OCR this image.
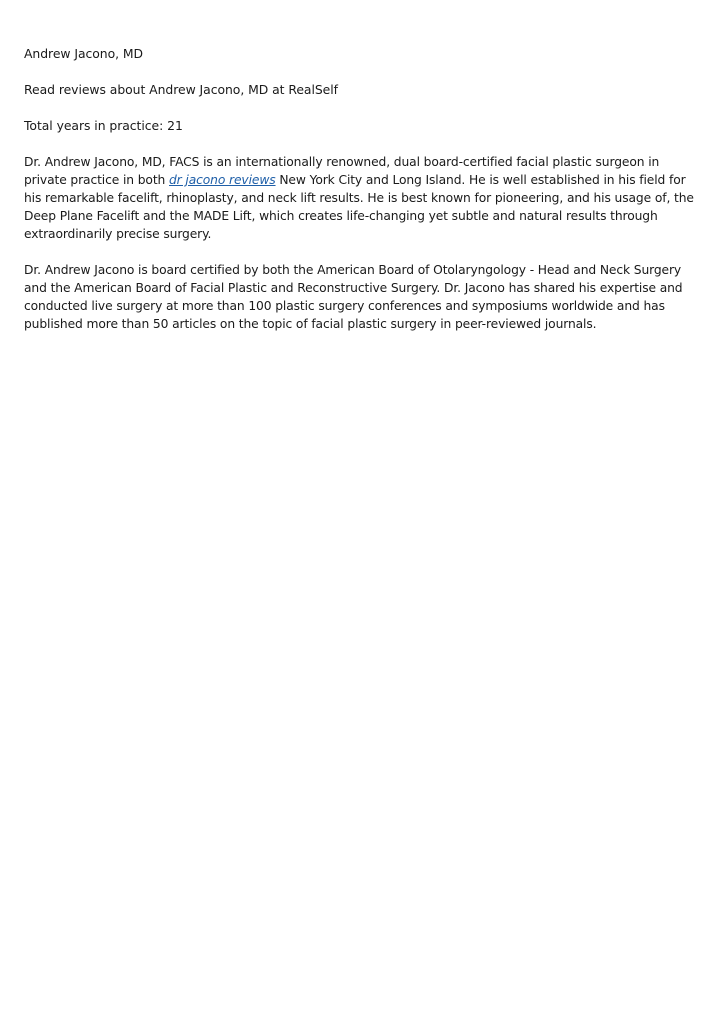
Andrew Jacono, MD

Read reviews about Andrew Jacono, MD at RealSelf

Total years in practice: 21

Dr. Andrew Jacono, MD, FACS is an internationally renowned, dual board-certified facial plastic surgeon in private practice in both dr jacono reviews New York City and Long Island. He is well established in his field for his remarkable facelift, rhinoplasty, and neck lift results. He is best known for pioneering, and his usage of, the Deep Plane Facelift and the MADE Lift, which creates life-changing yet subtle and natural results through extraordinarily precise surgery.

Dr. Andrew Jacono is board certified by both the American Board of Otolaryngology - Head and Neck Surgery and the American Board of Facial Plastic and Reconstructive Surgery. Dr. Jacono has shared his expertise and conducted live surgery at more than 100 plastic surgery conferences and symposiums worldwide and has published more than 50 articles on the topic of facial plastic surgery in peer-reviewed journals.
